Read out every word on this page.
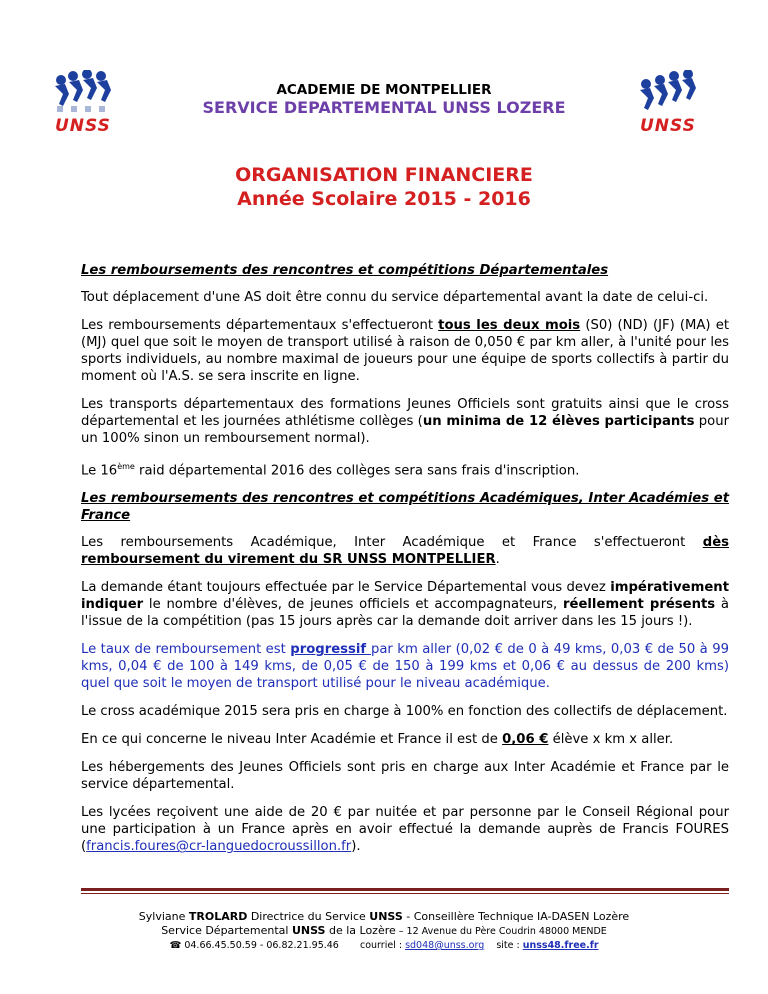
UNSS	UNSS
ACADEMIE DE MONTPELLIER
SERVICE DEPARTEMENTAL UNSS LOZERE
ORGANISATION FINANCIERE
Année Scolaire 2015 - 2016

Les remboursements des rencontres et compétitions Départementales

Tout déplacement d'une AS doit être connu du service départemental avant la date de celui-ci.

Les remboursements départementaux s'effectueront tous les deux mois (S0) (ND) (JF) (MA) et (MJ) quel que soit le moyen de transport utilisé à raison de 0,050 € par km aller, à l'unité pour les sports individuels, au nombre maximal de joueurs pour une équipe de sports collectifs à partir du moment où l'A.S. se sera inscrite en ligne.

Les transports départementaux des formations Jeunes Officiels sont gratuits ainsi que le cross départemental et les journées athlétisme collèges (un minima de 12 élèves participants pour un 100% sinon un remboursement normal).

Le 16ème raid départemental 2016 des collèges sera sans frais d'inscription.

Les remboursements des rencontres et compétitions Académiques, Inter Académies et France

Les remboursements Académique, Inter Académique et France s'effectueront dès remboursement du virement du SR UNSS MONTPELLIER.

La demande étant toujours effectuée par le Service Départemental vous devez impérativement indiquer le nombre d'élèves, de jeunes officiels et accompagnateurs, réellement présents à l'issue de la compétition (pas 15 jours après car la demande doit arriver dans les 15 jours !).

Le taux de remboursement est progressif par km aller (0,02 € de 0 à 49 kms, 0,03 € de 50 à 99 kms, 0,04 € de 100 à 149 kms, de 0,05 € de 150 à 199 kms et 0,06 € au dessus de 200 kms) quel que soit le moyen de transport utilisé pour le niveau académique.

Le cross académique 2015 sera pris en charge à 100% en fonction des collectifs de déplacement.

En ce qui concerne le niveau Inter Académie et France il est de 0,06 € élève x km x aller.

Les hébergements des Jeunes Officiels sont pris en charge aux Inter Académie et France par le service départemental.

Les lycées reçoivent une aide de 20 € par nuitée et par personne par le Conseil Régional pour une participation à un France après en avoir effectué la demande auprès de Francis FOURES (francis.foures@cr-languedocroussillon.fr).

Sylviane TROLARD Directrice du Service UNSS - Conseillère Technique IA-DASEN Lozère
Service Départemental UNSS de la Lozère – 12 Avenue du Père Coudrin 48000 MENDE
☎ 04.66.45.50.59 - 06.82.21.95.46 courriel : sd048@unss.org site : unss48.free.fr
